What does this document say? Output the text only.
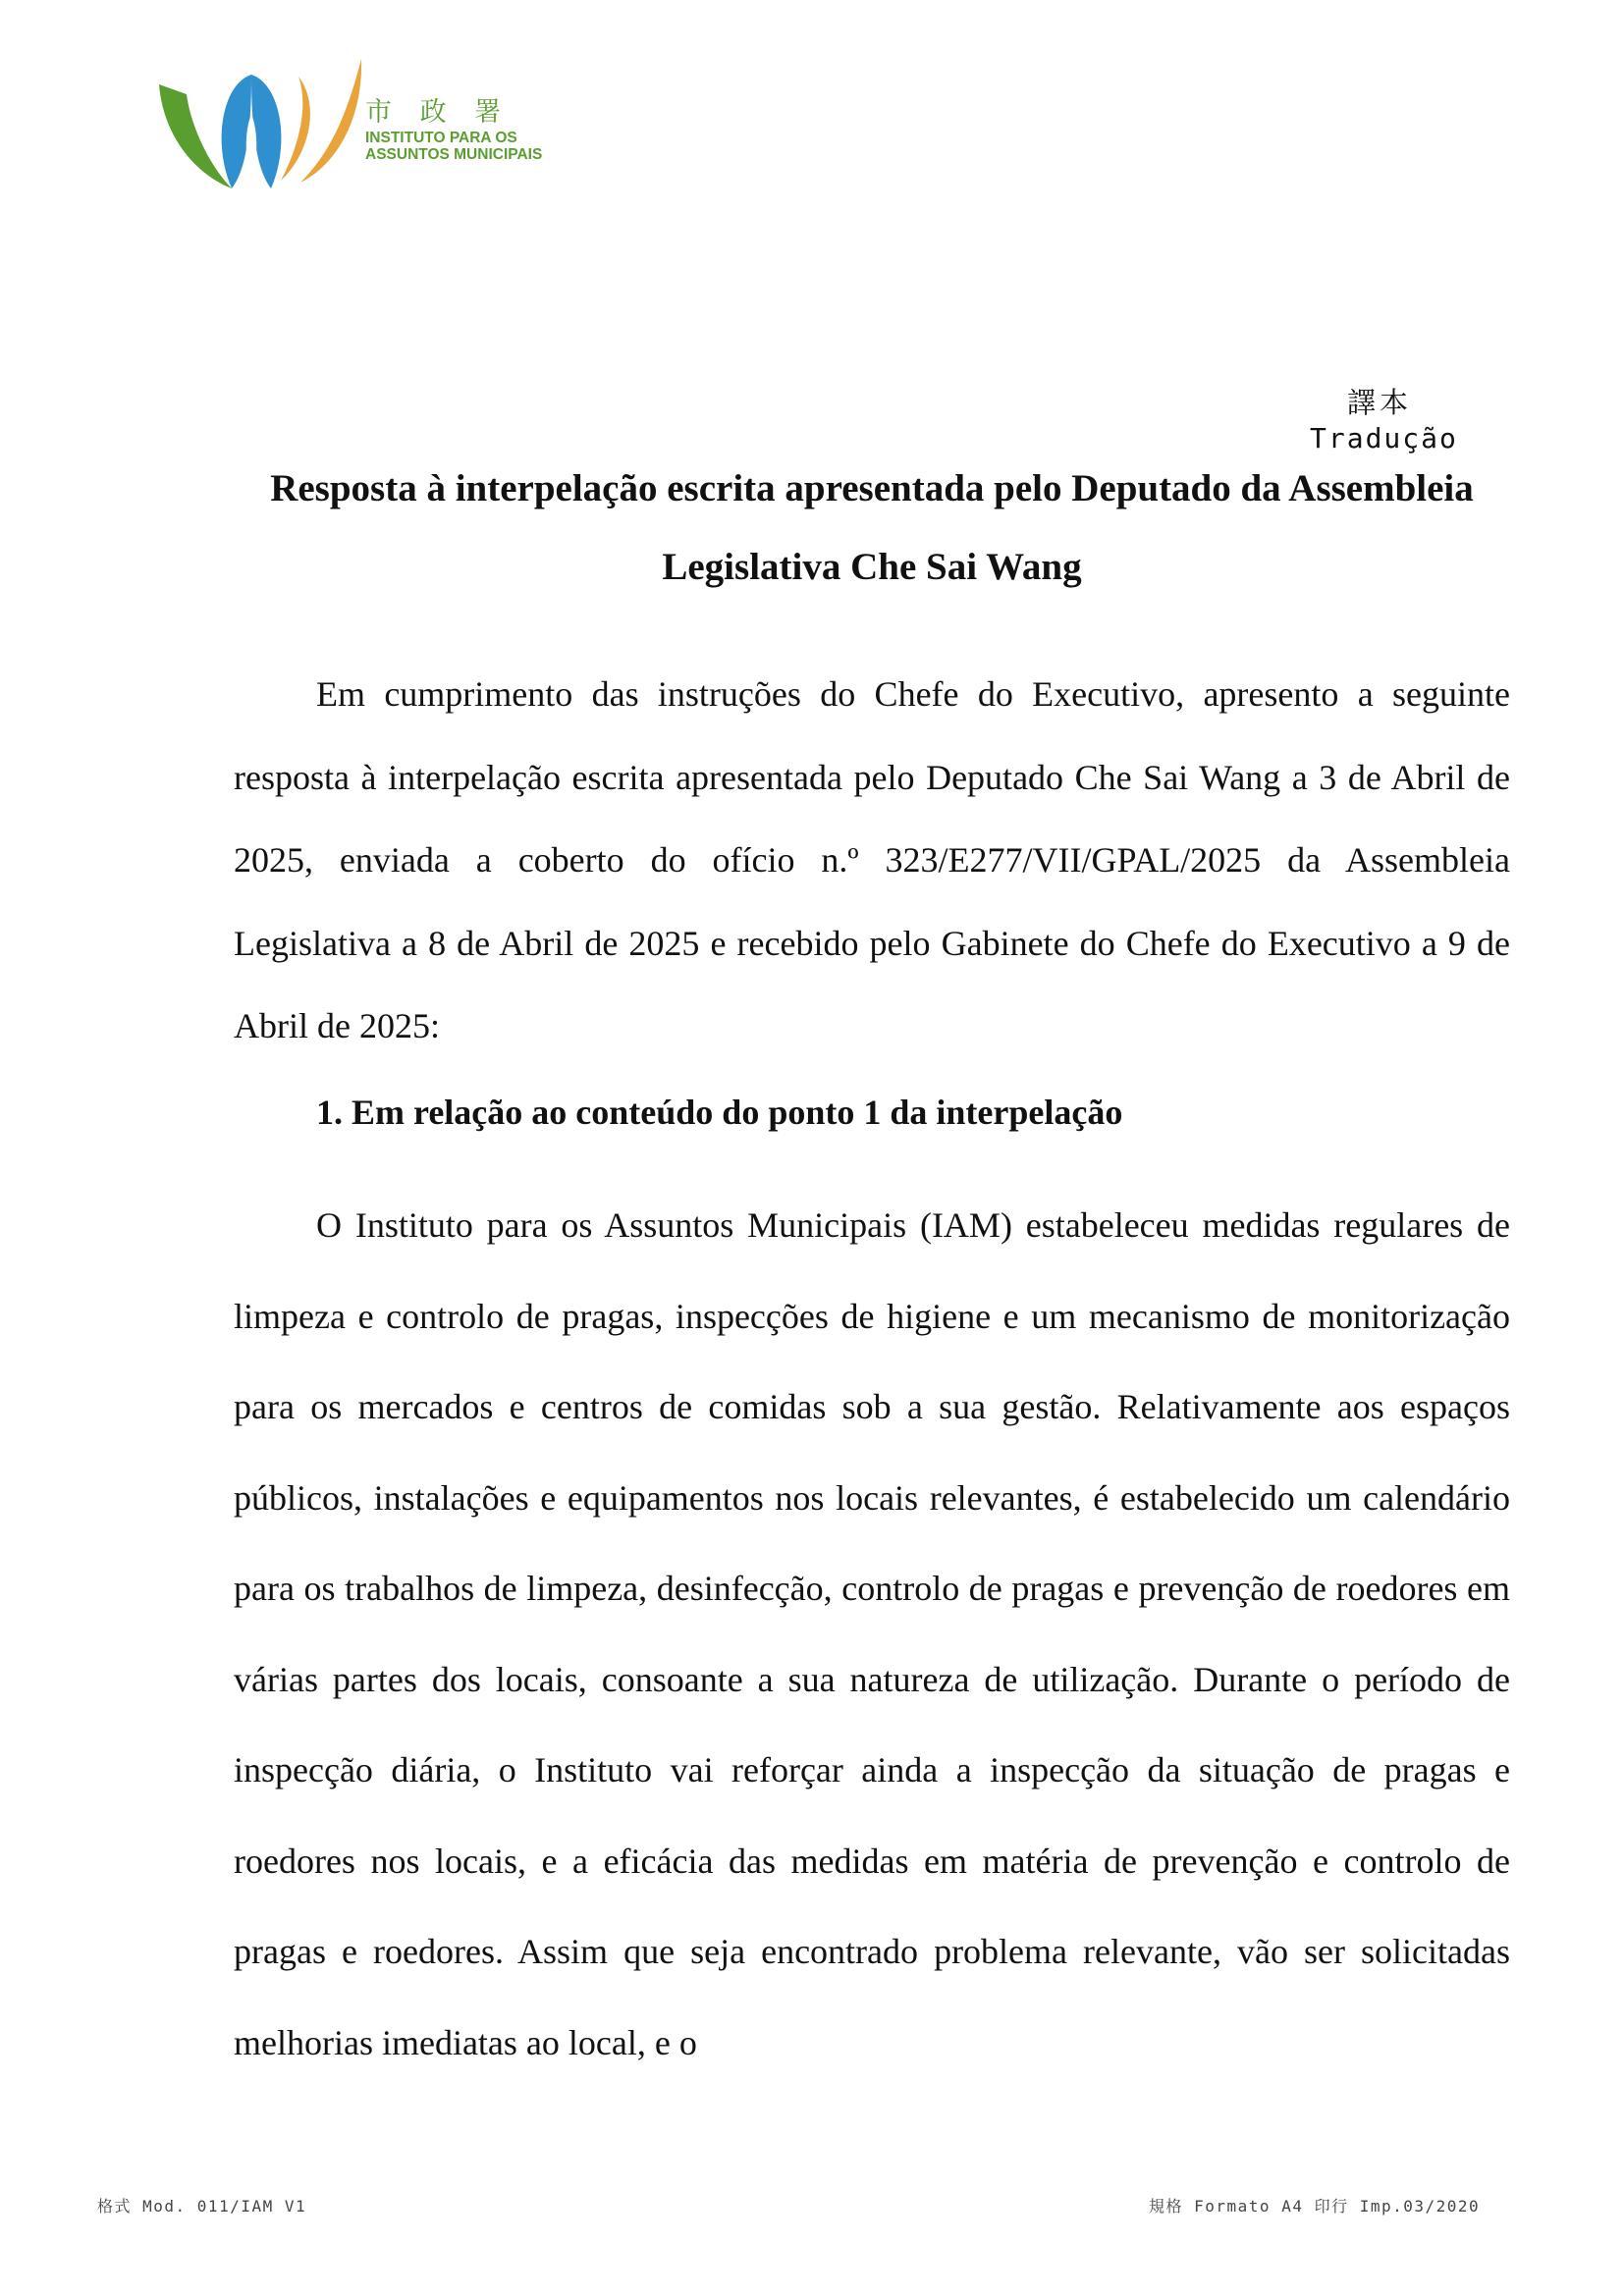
市 政 署
INSTITUTO PARA OS
ASSUNTOS MUNICIPAIS
譯本
Tradução
Resposta à interpelação escrita apresentada pelo Deputado da Assembleia Legislativa Che Sai Wang

Em cumprimento das instruções do Chefe do Executivo, apresento a seguinte resposta à interpelação escrita apresentada pelo Deputado Che Sai Wang a 3 de Abril de 2025, enviada a coberto do ofício n.º 323/E277/VII/GPAL/2025 da Assembleia Legislativa a 8 de Abril de 2025 e recebido pelo Gabinete do Chefe do Executivo a 9 de Abril de 2025:

1. Em relação ao conteúdo do ponto 1 da interpelação

O Instituto para os Assuntos Municipais (IAM) estabeleceu medidas regulares de limpeza e controlo de pragas, inspecções de higiene e um mecanismo de monitorização para os mercados e centros de comidas sob a sua gestão. Relativamente aos espaços públicos, instalações e equipamentos nos locais relevantes, é estabelecido um calendário para os trabalhos de limpeza, desinfecção, controlo de pragas e prevenção de roedores em várias partes dos locais, consoante a sua natureza de utilização. Durante o período de inspecção diária, o Instituto vai reforçar ainda a inspecção da situação de pragas e roedores nos locais, e a eficácia das medidas em matéria de prevenção e controlo de pragas e roedores. Assim que seja encontrado problema relevante, vão ser solicitadas melhorias imediatas ao local, e o

格式 Mod. 011/IAM V1	規格 Formato A4 印行 Imp.03/2020
